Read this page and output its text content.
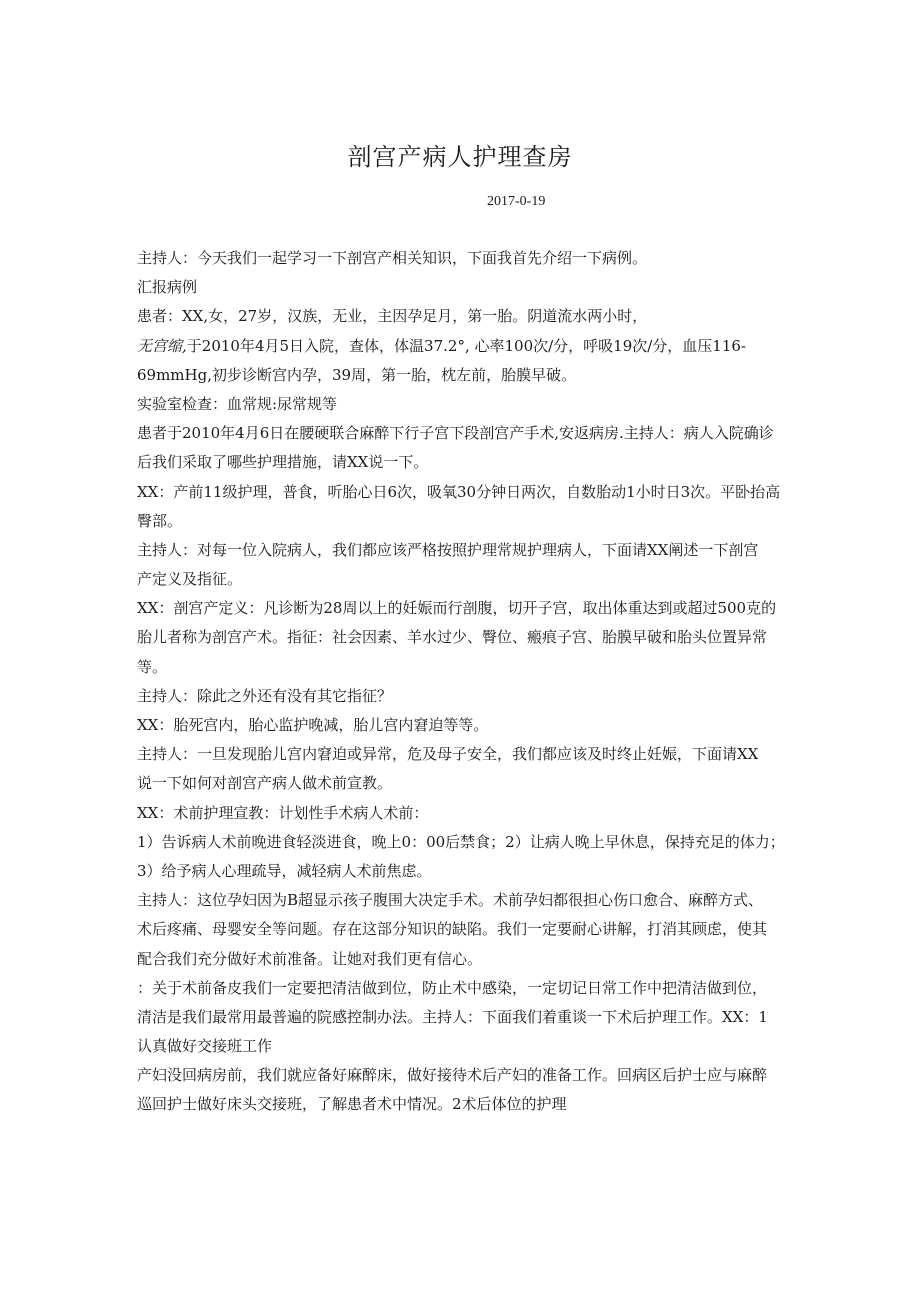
剖宫产病人护理查房
2017-0-19
主持人：今天我们一起学习一下剖宫产相关知识，下面我首先介绍一下病例。
汇报病例
患者：XX,女，27岁，汉族，无业，主因孕足月，第一胎。阴道流水两小时，
无宫缩,于2010年4月5日入院，查体，体温37.2°, 心率100次/分，呼吸19次/分，血压116-
69mmHg,初步诊断宫内孕，39周，第一胎，枕左前，胎膜早破。
实验室检查：血常规:尿常规等
患者于2010年4月6日在腰硬联合麻醉下行子宫下段剖宫产手术,安返病房.主持人：病人入院确诊
后我们采取了哪些护理措施，请XX说一下。
XX：产前11级护理，普食，听胎心日6次，吸氧30分钟日两次，自数胎动1小时日3次。平卧抬高
臀部。
主持人：对每一位入院病人，我们都应该严格按照护理常规护理病人，下面请XX阐述一下剖宫
产定义及指征。
XX：剖宫产定义：凡诊断为28周以上的妊娠而行剖腹，切开子宫，取出体重达到或超过500克的
胎儿者称为剖宫产术。指征：社会因素、羊水过少、臀位、瘢痕子宫、胎膜早破和胎头位置异常
等。
主持人：除此之外还有没有其它指征？
XX：胎死宫内，胎心监护晚减，胎儿宫内窘迫等等。
主持人：一旦发现胎儿宫内窘迫或异常，危及母子安全，我们都应该及时终止妊娠，下面请XX
说一下如何对剖宫产病人做术前宣教。
XX：术前护理宣教：计划性手术病人术前：
1）告诉病人术前晚进食轻淡进食，晚上0：00后禁食；2）让病人晚上早休息，保持充足的体力；
3）给予病人心理疏导，减轻病人术前焦虑。
主持人：这位孕妇因为B超显示孩子腹围大决定手术。术前孕妇都很担心伤口愈合、麻醉方式、
术后疼痛、母婴安全等问题。存在这部分知识的缺陷。我们一定要耐心讲解，打消其顾虑，使其
配合我们充分做好术前准备。让她对我们更有信心。
：关于术前备皮我们一定要把清洁做到位，防止术中感染，一定切记日常工作中把清洁做到位，
清洁是我们最常用最普遍的院感控制办法。主持人：下面我们着重谈一下术后护理工作。XX：1
认真做好交接班工作
产妇没回病房前，我们就应备好麻醉床，做好接待术后产妇的准备工作。回病区后护士应与麻醉
巡回护士做好床头交接班，了解患者术中情况。2术后体位的护理
